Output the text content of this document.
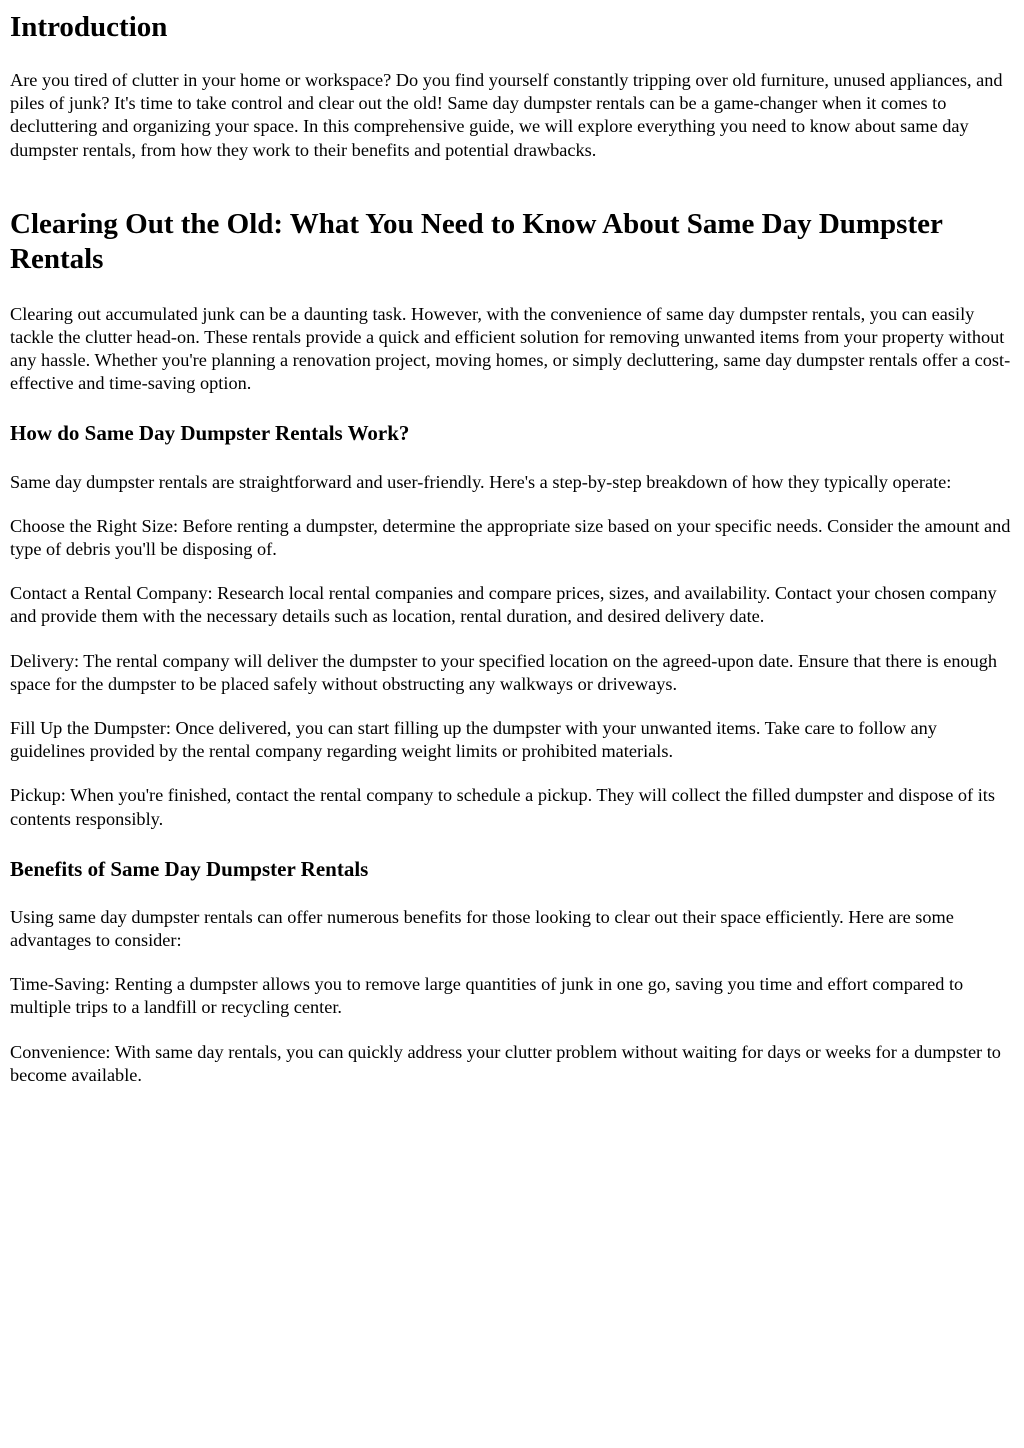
Introduction

Are you tired of clutter in your home or workspace? Do you find yourself constantly tripping over old furniture, unused appliances, and piles of junk? It's time to take control and clear out the old! Same day dumpster rentals can be a game-changer when it comes to decluttering and organizing your space. In this comprehensive guide, we will explore everything you need to know about same day dumpster rentals, from how they work to their benefits and potential drawbacks.

Clearing Out the Old: What You Need to Know About Same Day Dumpster Rentals

Clearing out accumulated junk can be a daunting task. However, with the convenience of same day dumpster rentals, you can easily tackle the clutter head-on. These rentals provide a quick and efficient solution for removing unwanted items from your property without any hassle. Whether you're planning a renovation project, moving homes, or simply decluttering, same day dumpster rentals offer a cost-effective and time-saving option.

How do Same Day Dumpster Rentals Work?

Same day dumpster rentals are straightforward and user-friendly. Here's a step-by-step breakdown of how they typically operate:

Choose the Right Size: Before renting a dumpster, determine the appropriate size based on your specific needs. Consider the amount and type of debris you'll be disposing of.

Contact a Rental Company: Research local rental companies and compare prices, sizes, and availability. Contact your chosen company and provide them with the necessary details such as location, rental duration, and desired delivery date.

Delivery: The rental company will deliver the dumpster to your specified location on the agreed-upon date. Ensure that there is enough space for the dumpster to be placed safely without obstructing any walkways or driveways.

Fill Up the Dumpster: Once delivered, you can start filling up the dumpster with your unwanted items. Take care to follow any guidelines provided by the rental company regarding weight limits or prohibited materials.

Pickup: When you're finished, contact the rental company to schedule a pickup. They will collect the filled dumpster and dispose of its contents responsibly.

Benefits of Same Day Dumpster Rentals

Using same day dumpster rentals can offer numerous benefits for those looking to clear out their space efficiently. Here are some advantages to consider:

Time-Saving: Renting a dumpster allows you to remove large quantities of junk in one go, saving you time and effort compared to multiple trips to a landfill or recycling center.

Convenience: With same day rentals, you can quickly address your clutter problem without waiting for days or weeks for a dumpster to become available.
